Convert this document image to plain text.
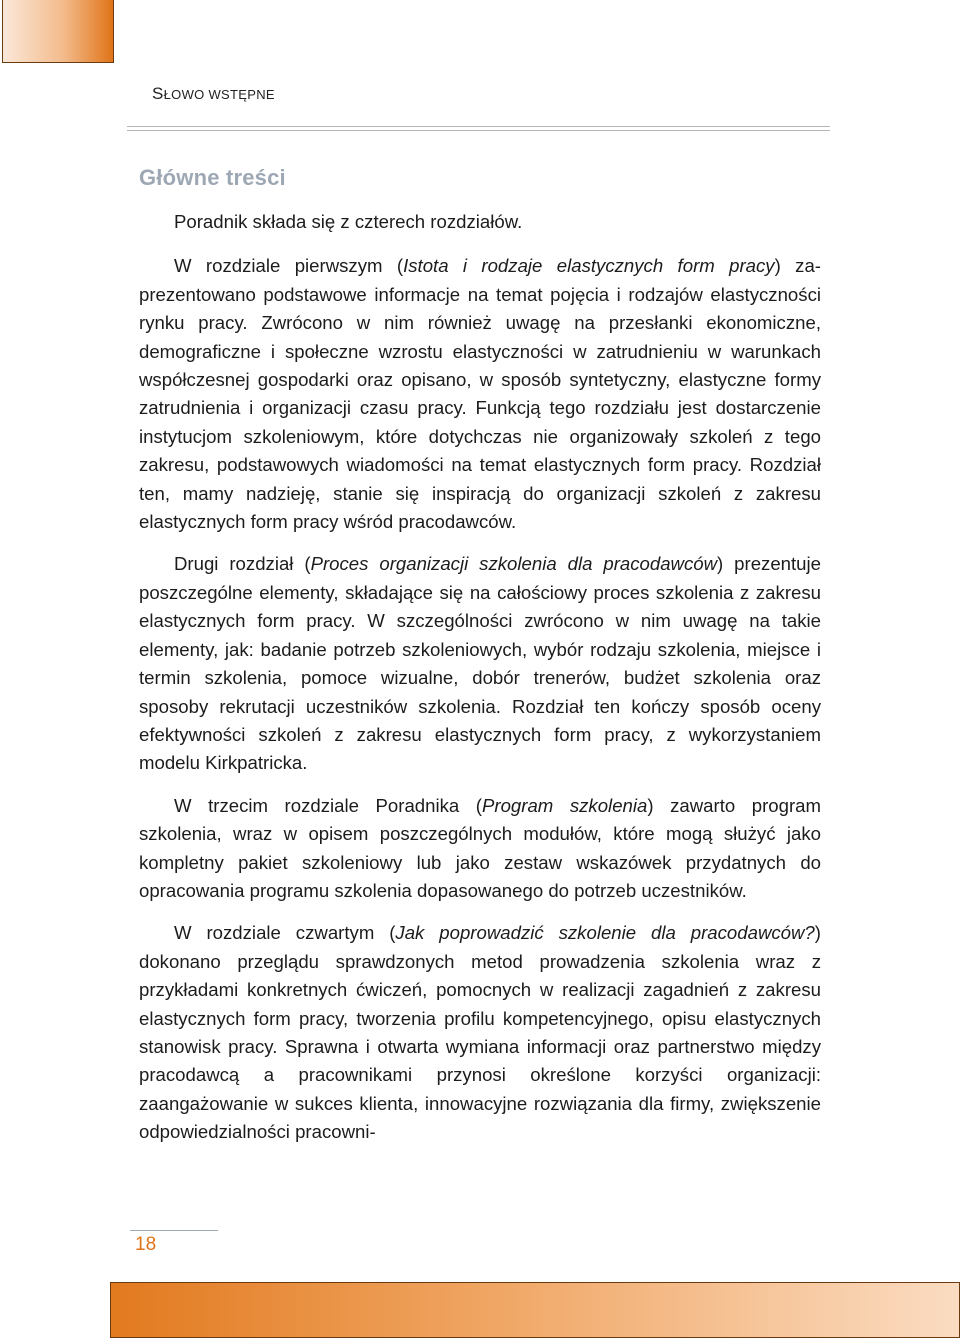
SŁOWO WSTĘPNE
Główne treści

Poradnik składa się z czterech rozdziałów.

W rozdziale pierwszym (Istota i rodzaje elastycznych form pracy) zaprezentowano podstawowe informacje na temat pojęcia i rodzajów elastyczności rynku pracy. Zwrócono w nim również uwagę na przesłanki ekonomiczne, demograficzne i społeczne wzrostu elastyczności w zatrudnieniu w warunkach współczesnej gospodarki oraz opisano, w sposób syntetyczny, elastyczne formy zatrudnienia i organizacji czasu pracy. Funkcją tego rozdziału jest dostarczenie instytucjom szkoleniowym, które dotychczas nie organizowały szkoleń z tego zakresu, podstawowych wiadomości na temat elastycznych form pracy. Rozdział ten, mamy nadzieję, stanie się inspiracją do organizacji szkoleń z zakresu elastycznych form pracy wśród pracodawców.

Drugi rozdział (Proces organizacji szkolenia dla pracodawców) prezentuje poszczególne elementy, składające się na całościowy proces szkolenia z zakresu elastycznych form pracy. W szczególności zwrócono w nim uwagę na takie elementy, jak: badanie potrzeb szkoleniowych, wybór rodzaju szkolenia, miejsce i termin szkolenia, pomoce wizualne, dobór trenerów, budżet szkolenia oraz sposoby rekrutacji uczestników szkolenia. Rozdział ten kończy sposób oceny efektywności szkoleń z zakresu elastycznych form pracy, z wykorzystaniem modelu Kirkpatricka.

W trzecim rozdziale Poradnika (Program szkolenia) zawarto program szkolenia, wraz w opisem poszczególnych modułów, które mogą służyć jako kompletny pakiet szkoleniowy lub jako zestaw wskazówek przydatnych do opracowania programu szkolenia dopasowanego do potrzeb uczestników.

W rozdziale czwartym (Jak poprowadzić szkolenie dla pracodawców?) dokonano przeglądu sprawdzonych metod prowadzenia szkolenia wraz z przykładami konkretnych ćwiczeń, pomocnych w realizacji zagadnień z zakresu elastycznych form pracy, tworzenia profilu kompetencyjnego, opisu elastycznych stanowisk pracy. Sprawna i otwarta wymiana informacji oraz partnerstwo między pracodawcą a pracownikami przynosi określone korzyści organizacji: zaangażowanie w sukces klienta, innowacyjne rozwiązania dla firmy, zwiększenie odpowiedzialności pracowni-

18
